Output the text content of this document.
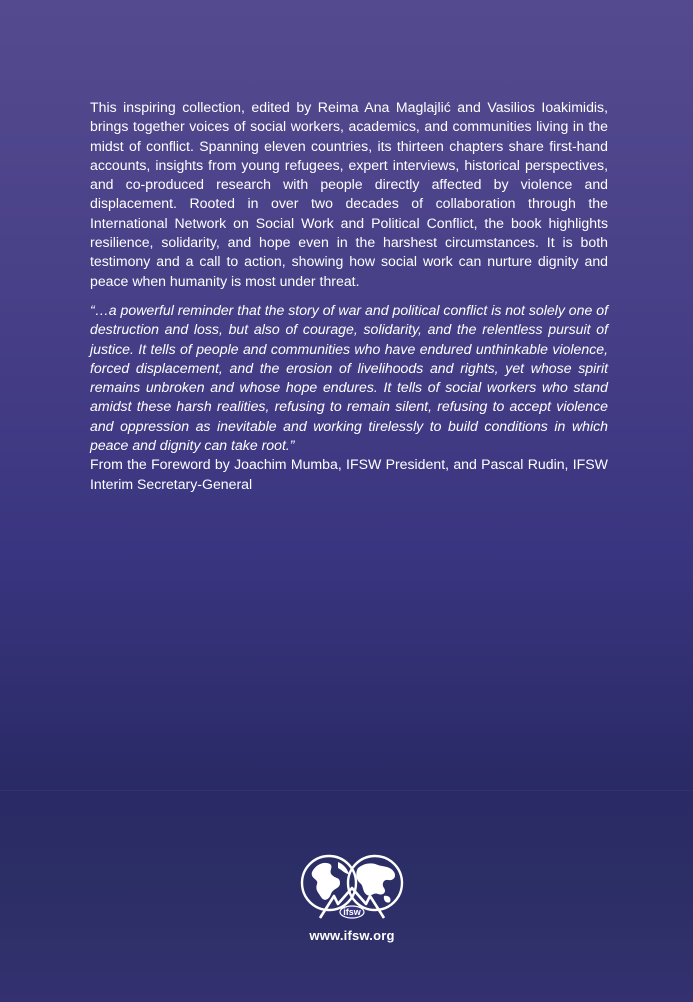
This inspiring collection, edited by Reima Ana Maglajlić and Vasilios Ioakimidis, brings together voices of social workers, academics, and communities living in the midst of conflict. Spanning eleven countries, its thirteen chapters share first-hand accounts, insights from young refugees, expert interviews, historical perspectives, and co-produced research with people directly affected by violence and displacement. Rooted in over two decades of collaboration through the International Network on Social Work and Political Conflict, the book highlights resilience, solidarity, and hope even in the harshest circumstances. It is both testimony and a call to action, showing how social work can nurture dignity and peace when humanity is most under threat.

“…a powerful reminder that the story of war and political conflict is not solely one of destruction and loss, but also of courage, solidarity, and the relentless pursuit of justice. It tells of people and communities who have endured unthinkable violence, forced displacement, and the erosion of livelihoods and rights, yet whose spirit remains unbroken and whose hope endures. It tells of social workers who stand amidst these harsh realities, refusing to remain silent, refusing to accept violence and oppression as inevitable and working tirelessly to build conditions in which peace and dignity can take root.”

From the Foreword by Joachim Mumba, IFSW President, and Pascal Rudin, IFSW Interim Secretary-General

ifsw
www.ifsw.org
